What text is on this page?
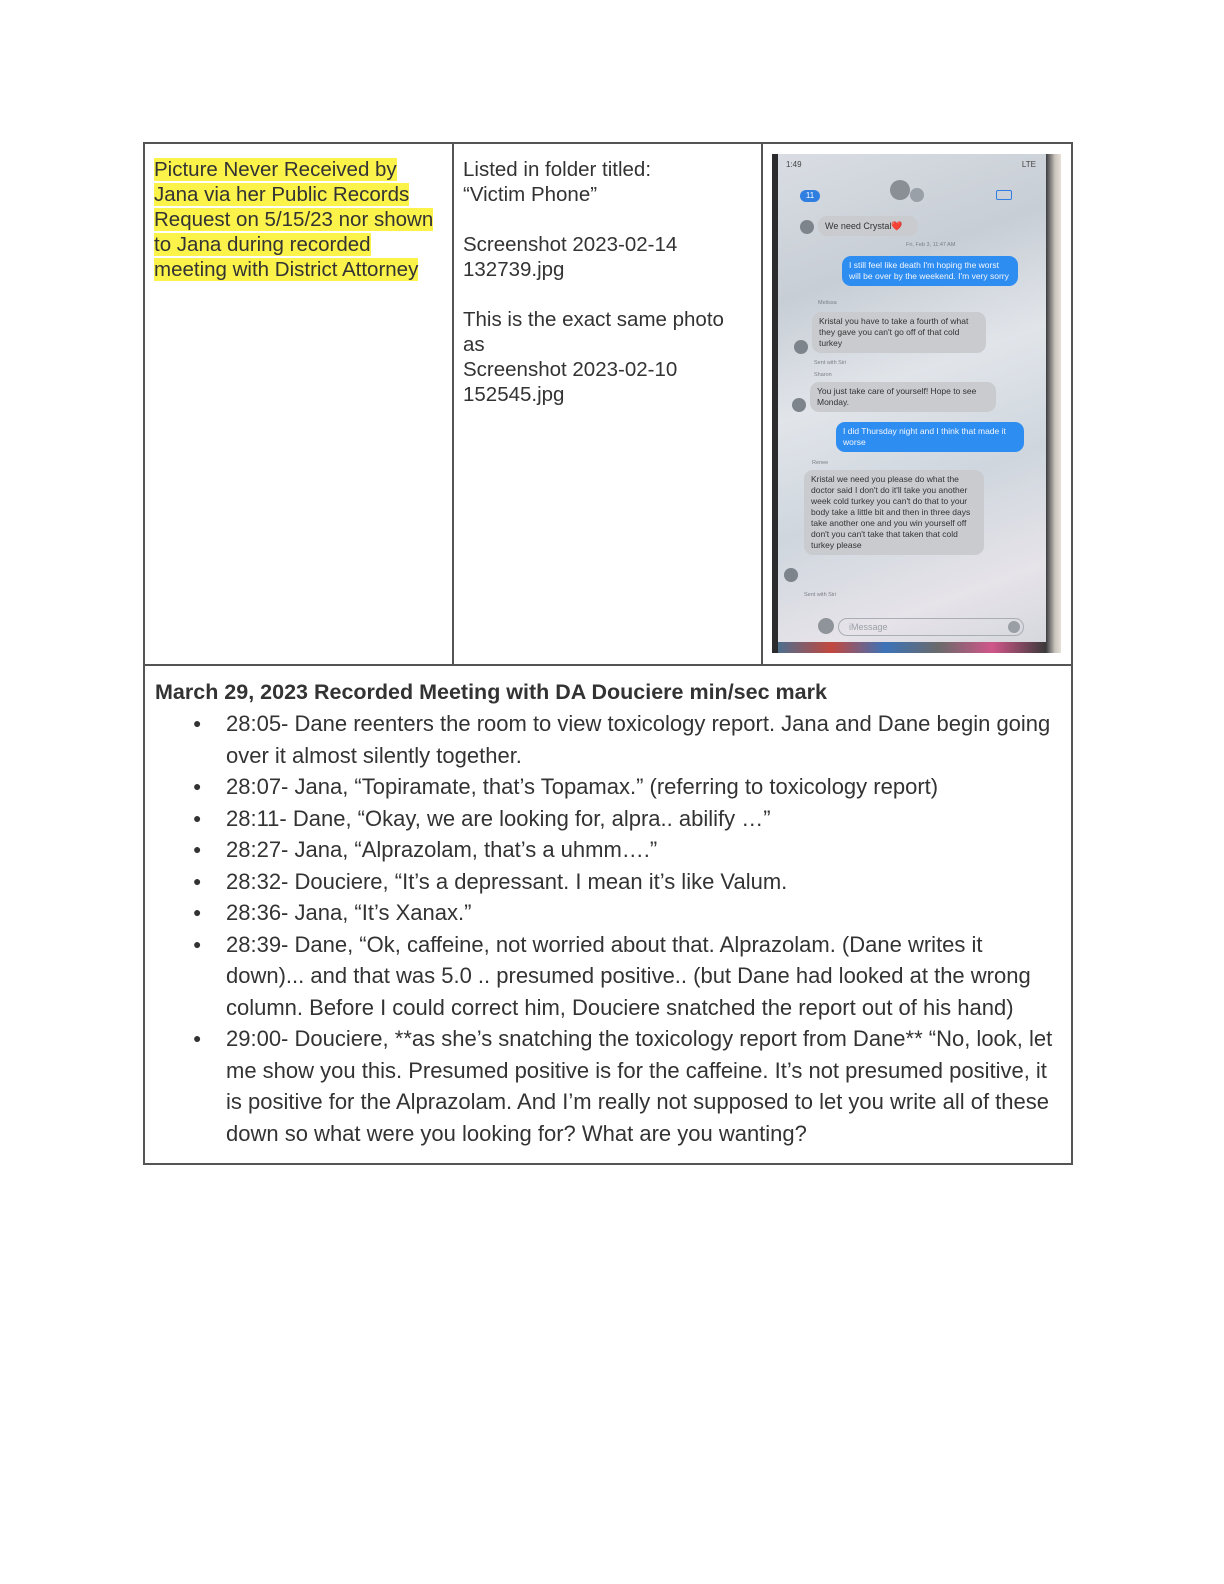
Picture Never Received by Jana via her Public Records Request on 5/15/23 nor shown to Jana during recorded meeting with District Attorney

Listed in folder titled:
“Victim Phone”
Screenshot 2023-02-14
132739.jpg
This is the exact same photo as
Screenshot 2023-02-10
152545.jpg

1:49	LTE
11
We need Crystal❤️
Fri, Feb 3, 11:47 AM
I still feel like death I'm hoping the worst will be over by the weekend. I'm very sorry
Melissa
Kristal you have to take a fourth of what they gave you can't go off of that cold turkey
Sent with Siri
Sharon
You just take care of yourself! Hope to see Monday.
I did Thursday night and I think that made it worse
Renee
Kristal we need you please do what the doctor said I don't do it'll take you another week cold turkey you can't do that to your body take a little bit and then in three days take another one and you win yourself off don't you can't take that taken that cold turkey please
Sent with Siri
iMessage

March 29, 2023 Recorded Meeting with DA Douciere min/sec mark
● 28:05- Dane reenters the room to view toxicology report. Jana and Dane begin going over it almost silently together.
● 28:07- Jana, “Topiramate, that’s Topamax.” (referring to toxicology report)
● 28:11- Dane, “Okay, we are looking for, alpra.. abilify …”
● 28:27- Jana, “Alprazolam, that’s a uhmm….”
● 28:32- Douciere, “It’s a depressant. I mean it’s like Valum.
● 28:36- Jana, “It’s Xanax.”
● 28:39- Dane, “Ok, caffeine, not worried about that. Alprazolam. (Dane writes it down)... and that was 5.0 .. presumed positive.. (but Dane had looked at the wrong column. Before I could correct him, Douciere snatched the report out of his hand)
● 29:00- Douciere, **as she’s snatching the toxicology report from Dane** “No, look, let me show you this. Presumed positive is for the caffeine. It’s not presumed positive, it is positive for the Alprazolam. And I’m really not supposed to let you write all of these down so what were you looking for? What are you wanting?
